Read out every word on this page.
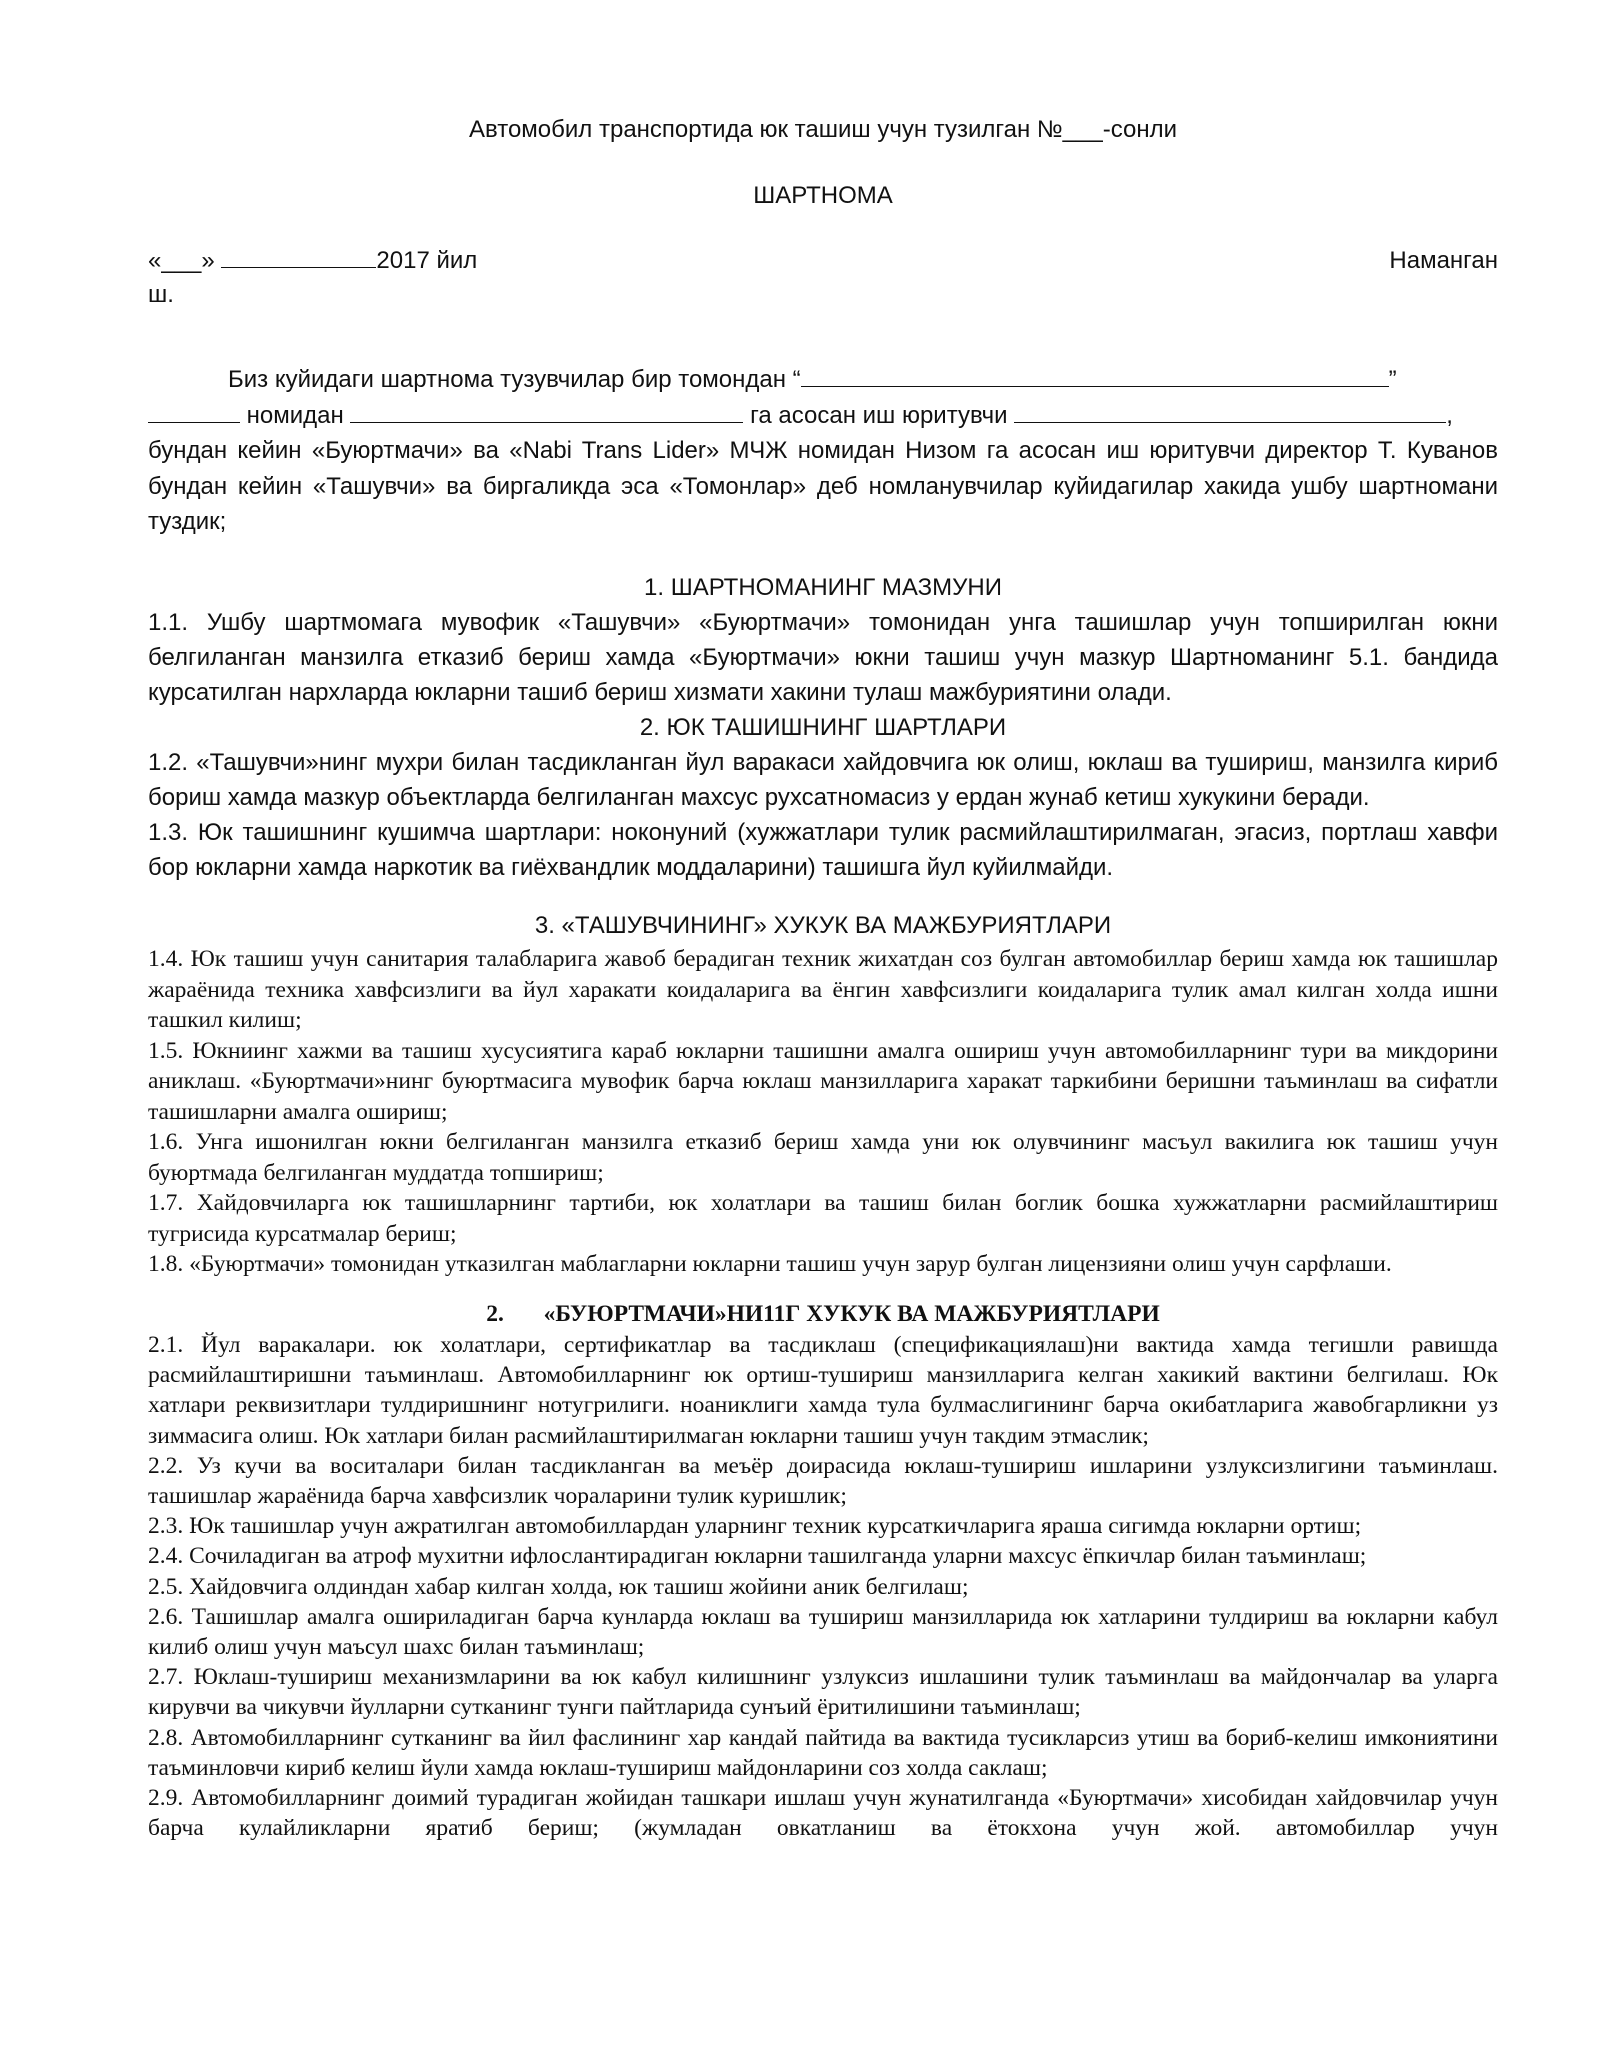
Автомобил транспортида юк ташиш учун тузилган №___-сонли

ШАРТНОМА

«___»	2017 йил	Наманган
ш.

Биз куйидаги шартнома тузувчилар бир томондан “	”

номидан	га асосан иш юритувчи	,

бундан кейин «Буюртмачи» ва «Nabi Trans Lider» МЧЖ номидан Низом га асосан иш юритувчи директор Т. Куванов бундан кейин «Ташувчи» ва биргаликда эса «Томонлар» деб номланувчилар куйидагилар хакида ушбу шартномани туздик;

1. ШАРТНОМАНИНГ МАЗМУНИ

1.1. Ушбу шартмомага мувофик «Ташувчи» «Буюртмачи» томонидан унга ташишлар учун топширилган юкни белгиланган манзилга етказиб бериш хамда «Буюртмачи» юкни ташиш учун мазкур Шартноманинг 5.1. бандида курсатилган нархларда юкларни ташиб бериш хизмати хакини тулаш мажбуриятини олади.

2. ЮК ТАШИШНИНГ ШАРТЛАРИ

1.2. «Ташувчи»нинг мухри билан тасдикланган йул варакаси хайдовчига юк олиш, юклаш ва тушириш, манзилга кириб бориш хамда мазкур объектларда белгиланган махсус рухсатномасиз у ердан жунаб кетиш хукукини беради.

1.3. Юк ташишнинг кушимча шартлари: ноконуний (хужжатлари тулик расмийлаштирилмаган, эгасиз, портлаш хавфи бор юкларни хамда наркотик ва гиёхвандлик моддаларини) ташишга йул куйилмайди.

3. «ТАШУВЧИНИНГ» ХУКУК ВА МАЖБУРИЯТЛАРИ

1.4. Юк ташиш учун санитария талабларига жавоб берадиган техник жихатдан соз булган автомобиллар бериш хамда юк ташишлар жараёнида техника хавфсизлиги ва йул харакати коидаларига ва ёнгин хавфсизлиги коидаларига тулик амал килган холда ишни ташкил килиш;

1.5. Юкниинг хажми ва ташиш хусусиятига караб юкларни ташишни амалга ошириш учун автомобилларнинг тури ва микдорини аниклаш. «Буюртмачи»нинг буюртмасига мувофик барча юклаш манзилларига харакат таркибини беришни таъминлаш ва сифатли ташишларни амалга ошириш;

1.6. Унга ишонилган юкни белгиланган манзилга етказиб бериш хамда уни юк олувчининг масъул вакилига юк ташиш учун буюртмада белгиланган муддатда топшириш;

1.7. Хайдовчиларга юк ташишларнинг тартиби, юк холатлари ва ташиш билан боглик бошка хужжатларни расмийлаштириш тугрисида курсатмалар бериш;

1.8. «Буюртмачи» томонидан утказилган маблагларни юкларни ташиш учун зарур булган лицензияни олиш учун сарфлаши.

2. «БУЮРТМАЧИ»НИ11Г ХУКУК ВА МАЖБУРИЯТЛАРИ

2.1. Йул варакалари. юк холатлари, сертификатлар ва тасдиклаш (спецификациялаш)ни вактида хамда тегишли равишда расмийлаштиришни таъминлаш. Автомобилларнинг юк ортиш-тушириш манзилларига келган хакикий вактини белгилаш. Юк хатлари реквизитлари тулдиришнинг нотугрилиги. ноаниклиги хамда тула булмаслигининг барча окибатларига жавобгарликни уз зиммасига олиш. Юк хатлари билан расмийлаштирилмаган юкларни ташиш учун такдим этмаслик;

2.2. Уз кучи ва воситалари билан тасдикланган ва меъёр доирасида юклаш-тушириш ишларини узлуксизлигини таъминлаш. ташишлар жараёнида барча хавфсизлик чораларини тулик куришлик;

2.3. Юк ташишлар учун ажратилган автомобиллардан уларнинг техник курсаткичларига яраша сигимда юкларни ортиш;

2.4. Сочиладиган ва атроф мухитни ифлослантирадиган юкларни ташилганда уларни махсус ёпкичлар билан таъминлаш;

2.5. Хайдовчига олдиндан хабар килган холда, юк ташиш жойини аник белгилаш;

2.6. Ташишлар амалга ошириладиган барча кунларда юклаш ва тушириш манзилларида юк хатларини тулдириш ва юкларни кабул килиб олиш учун маъсул шахс билан таъминлаш;

2.7. Юклаш-тушириш механизмларини ва юк кабул килишнинг узлуксиз ишлашини тулик таъминлаш ва майдончалар ва уларга кирувчи ва чикувчи йулларни сутканинг тунги пайтларида сунъий ёритилишини таъминлаш;

2.8. Автомобилларнинг сутканинг ва йил фаслининг хар кандай пайтида ва вактида тусикларсиз утиш ва бориб-келиш имкониятини таъминловчи кириб келиш йули хамда юклаш-тушириш майдонларини соз холда саклаш;

2.9. Автомобилларнинг доимий турадиган жойидан ташкари ишлаш учун жунатилганда «Буюртмачи» хисобидан хайдовчилар учун барча кулайликларни яратиб бериш; (жумладан овкатланиш ва ётокхона учун жой. автомобиллар учун
